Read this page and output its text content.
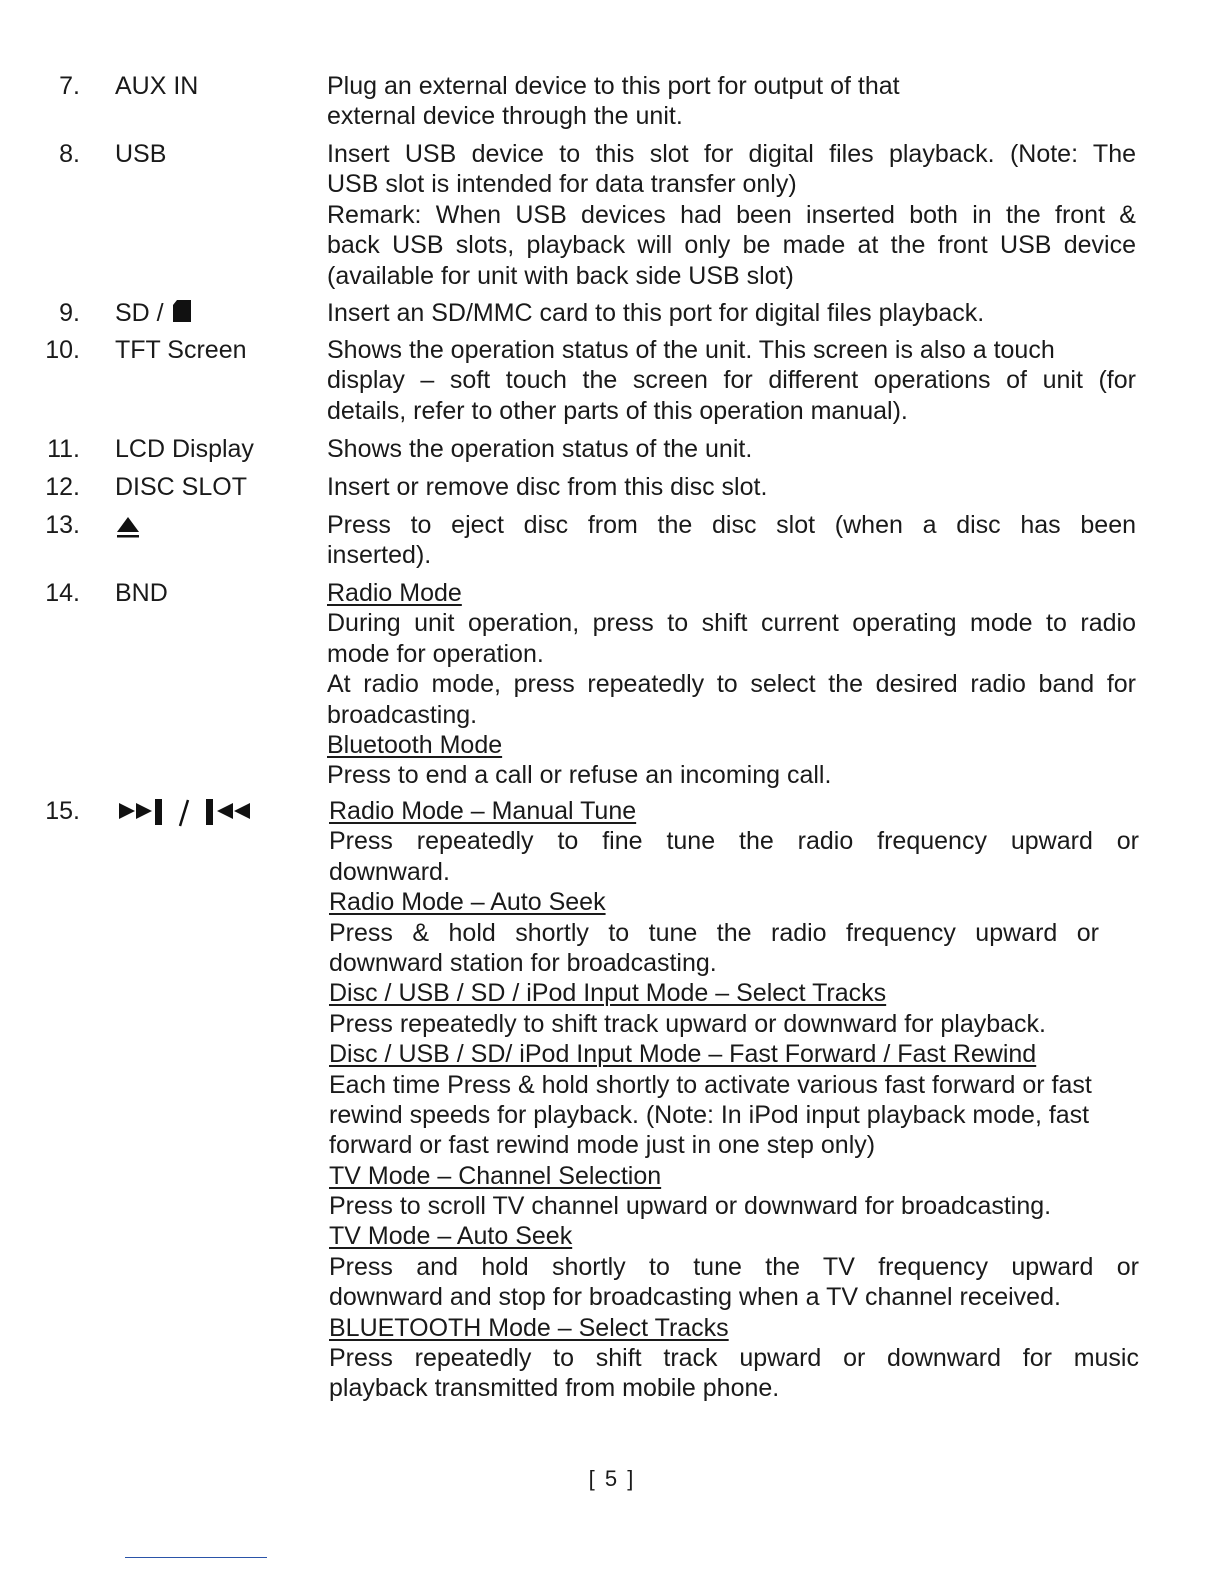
7. AUX IN	Plug an external device to this port for output of that
external device through the unit.
8. USB	Insert USB device to this slot for digital files playback. (Note: The
USB slot is intended for data transfer only)
Remark: When USB devices had been inserted both in the front &
back USB slots, playback will only be made at the front USB device
(available for unit with back side USB slot)
9. SD /	Insert an SD/MMC card to this port for digital files playback.
10. TFT Screen	Shows the operation status of the unit. This screen is also a touch
display – soft touch the screen for different operations of unit (for
details, refer to other parts of this operation manual).
11. LCD Display	Shows the operation status of the unit.
12. DISC SLOT	Insert or remove disc from this disc slot.
13.	Press to eject disc from the disc slot (when a disc has been
inserted).
14. BND	Radio Mode
During unit operation, press to shift current operating mode to radio
mode for operation.
At radio mode, press repeatedly to select the desired radio band for
broadcasting.
Bluetooth Mode
Press to end a call or refuse an incoming call.
15.	Radio Mode – Manual Tune
Press repeatedly to fine tune the radio frequency upward or
downward.
Radio Mode – Auto Seek
Press & hold shortly to tune the radio frequency upward or
downward station for broadcasting.
Disc / USB / SD / iPod Input Mode – Select Tracks
Press repeatedly to shift track upward or downward for playback.
Disc / USB / SD/ iPod Input Mode – Fast Forward / Fast Rewind
Each time Press & hold shortly to activate various fast forward or fast
rewind speeds for playback. (Note: In iPod input playback mode, fast
forward or fast rewind mode just in one step only)
TV Mode – Channel Selection
Press to scroll TV channel upward or downward for broadcasting.
TV Mode – Auto Seek
Press and hold shortly to tune the TV frequency upward or
downward and stop for broadcasting when a TV channel received.
BLUETOOTH Mode – Select Tracks
Press repeatedly to shift track upward or downward for music
playback transmitted from mobile phone.
[ 5 ]
